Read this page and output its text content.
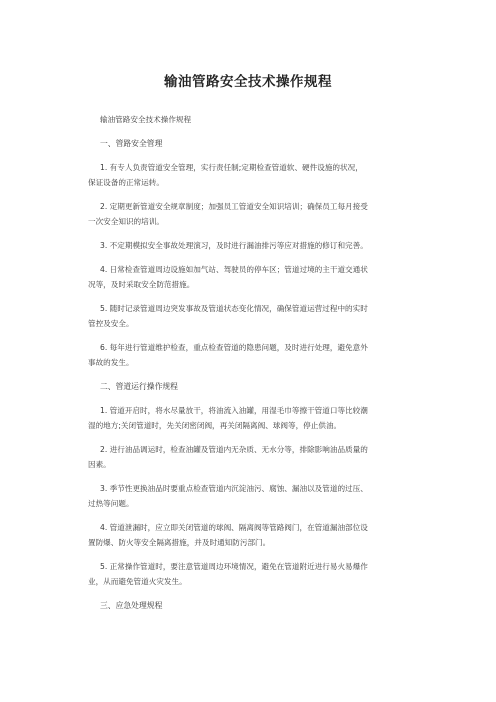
输油管路安全技术操作规程
输油管路安全技术操作规程
一、管路安全管理
1. 有专人负责管道安全管理，实行责任制;定期检查管道软、硬件设施的状况，
保证设备的正常运转。
2. 定期更新管道安全规章制度；加强员工管道安全知识培训；确保员工每月接受
一次安全知识的培训。
3. 不定期模拟安全事故处理演习，及时进行漏油排污等应对措施的修订和完善。
4. 日常检查管道周边设施如加气站、驾驶员的停车区；管道过境的主干道交通状
况等，及时采取安全防范措施。
5. 随时记录管道周边突发事故及管道状态变化情况，确保管道运营过程中的实时
管控及安全。
6. 每年进行管道维护检查，重点检查管道的隐患问题，及时进行处理，避免意外
事故的发生。
二、管道运行操作规程
1. 管道开启时，将水尽量放干，将油流入油罐，用湿毛巾等擦干管道口等比较潮
湿的地方;关闭管道时，先关闭密闭阀，再关闭隔离阀、球阀等，停止供油。
2. 进行油品调运时，检查油罐及管道内无杂质、无水分等，排除影响油品质量的
因素。
3. 季节性更换油品时要重点检查管道内沉淀油污、腐蚀、漏油以及管道的过压、
过热等问题。
4. 管道泄漏时，应立即关闭管道的球阀、隔离阀等管路阀门，在管道漏油部位设
置防爆、防火等安全隔离措施，并及时通知防污部门。
5. 正常操作管道时，要注意管道周边环境情况，避免在管道附近进行易火易爆作
业，从而避免管道火灾发生。
三、应急处理规程
